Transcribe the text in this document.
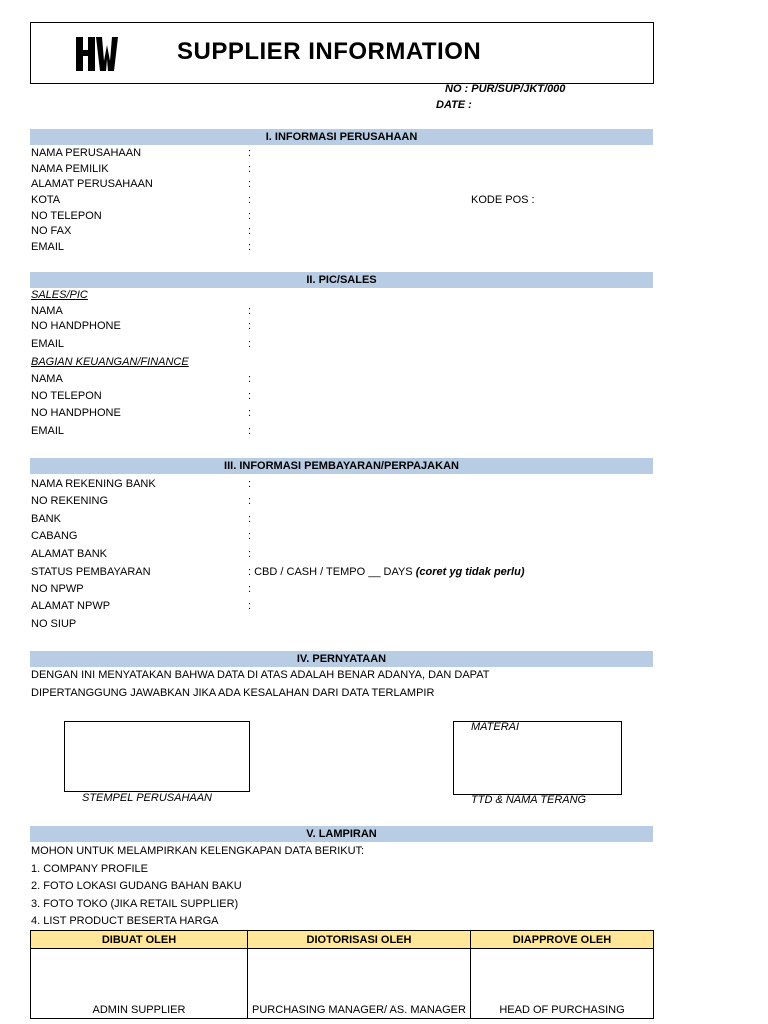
SUPPLIER INFORMATION
NO : PUR/SUP/JKT/000
DATE :
I. INFORMASI PERUSAHAAN
NAMA PERUSAHAAN	:
NAMA PEMILIK	:
ALAMAT PERUSAHAAN	:
KOTA	:	KODE POS :
NO TELEPON	:
NO FAX	:
EMAIL	:
II. PIC/SALES
SALES/PIC
NAMA	:
NO HANDPHONE	:
EMAIL	:
BAGIAN KEUANGAN/FINANCE
NAMA	:
NO TELEPON	:
NO HANDPHONE	:
EMAIL	:
III. INFORMASI PEMBAYARAN/PERPAJAKAN
NAMA REKENING BANK	:
NO REKENING	:
BANK	:
CABANG	:
ALAMAT BANK	:
STATUS PEMBAYARAN	: CBD / CASH / TEMPO __ DAYS (coret yg tidak perlu)
NO NPWP	:
ALAMAT NPWP	:
NO SIUP
IV. PERNYATAAN
DENGAN INI MENYATAKAN BAHWA DATA DI ATAS ADALAH BENAR ADANYA, DAN DAPAT
DIPERTANGGUNG JAWABKAN JIKA ADA KESALAHAN DARI DATA TERLAMPIR
STEMPEL PERUSAHAAN
MATERAI
TTD & NAMA TERANG
V. LAMPIRAN
MOHON UNTUK MELAMPIRKAN KELENGKAPAN DATA BERIKUT:
1. COMPANY PROFILE
2. FOTO LOKASI GUDANG BAHAN BAKU
3. FOTO TOKO (JIKA RETAIL SUPPLIER)
4. LIST PRODUCT BESERTA HARGA
DIBUAT OLEH	DIOTORISASI OLEH	DIAPPROVE OLEH
ADMIN SUPPLIER	PURCHASING MANAGER/ AS. MANAGER	HEAD OF PURCHASING
